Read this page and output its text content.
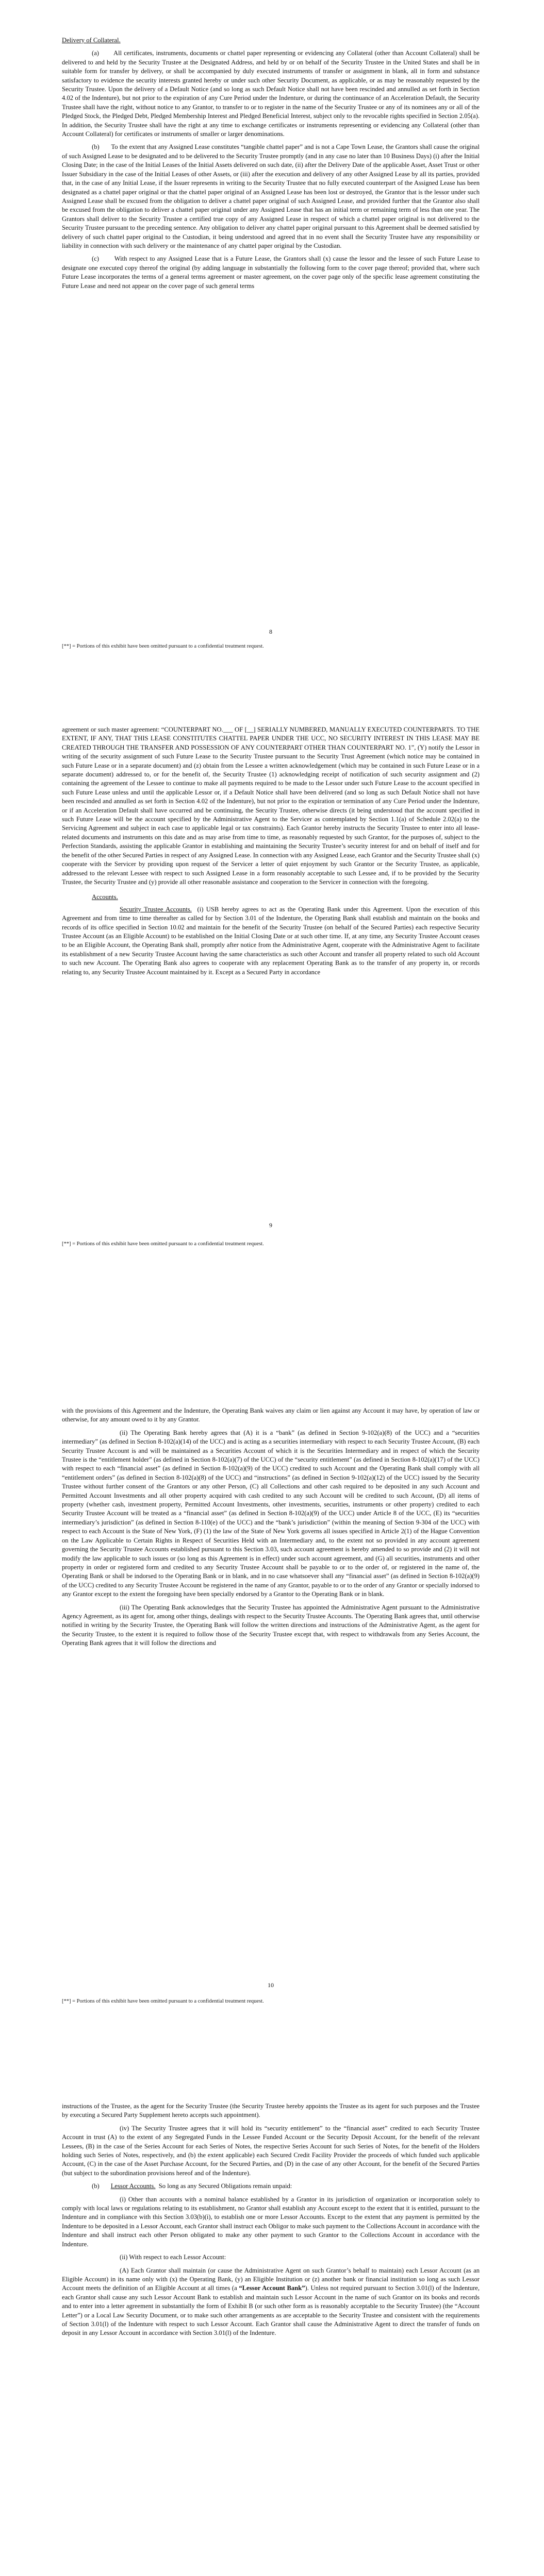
Delivery of Collateral.

(a) All certificates, instruments, documents or chattel paper representing or evidencing any Collateral (other than Account Collateral) shall be delivered to and held by the Security Trustee at the Designated Address, and held by or on behalf of the Security Trustee in the United States and shall be in suitable form for transfer by delivery, or shall be accompanied by duly executed instruments of transfer or assignment in blank, all in form and substance satisfactory to evidence the security interests granted hereby or under such other Security Document, as applicable, or as may be reasonably requested by the Security Trustee. Upon the delivery of a Default Notice (and so long as such Default Notice shall not have been rescinded and annulled as set forth in Section 4.02 of the Indenture), but not prior to the expiration of any Cure Period under the Indenture, or during the continuance of an Acceleration Default, the Security Trustee shall have the right, without notice to any Grantor, to transfer to or to register in the name of the Security Trustee or any of its nominees any or all of the Pledged Stock, the Pledged Debt, Pledged Membership Interest and Pledged Beneficial Interest, subject only to the revocable rights specified in Section 2.05(a). In addition, the Security Trustee shall have the right at any time to exchange certificates or instruments representing or evidencing any Collateral (other than Account Collateral) for certificates or instruments of smaller or larger denominations.

(b) To the extent that any Assigned Lease constitutes “tangible chattel paper” and is not a Cape Town Lease, the Grantors shall cause the original of such Assigned Lease to be designated and to be delivered to the Security Trustee promptly (and in any case no later than 10 Business Days) (i) after the Initial Closing Date; in the case of the Initial Leases of the Initial Assets delivered on such date, (ii) after the Delivery Date of the applicable Asset, Asset Trust or other Issuer Subsidiary in the case of the Initial Leases of other Assets, or (iii) after the execution and delivery of any other Assigned Lease by all its parties, provided that, in the case of any Initial Lease, if the Issuer represents in writing to the Security Trustee that no fully executed counterpart of the Assigned Lease has been designated as a chattel paper original or that the chattel paper original of an Assigned Lease has been lost or destroyed, the Grantor that is the lessor under such Assigned Lease shall be excused from the obligation to deliver a chattel paper original of such Assigned Lease, and provided further that the Grantor also shall be excused from the obligation to deliver a chattel paper original under any Assigned Lease that has an initial term or remaining term of less than one year. The Grantors shall deliver to the Security Trustee a certified true copy of any Assigned Lease in respect of which a chattel paper original is not delivered to the Security Trustee pursuant to the preceding sentence. Any obligation to deliver any chattel paper original pursuant to this Agreement shall be deemed satisfied by delivery of such chattel paper original to the Custodian, it being understood and agreed that in no event shall the Security Trustee have any responsibility or liability in connection with such delivery or the maintenance of any chattel paper original by the Custodian.

(c) With respect to any Assigned Lease that is a Future Lease, the Grantors shall (x) cause the lessor and the lessee of such Future Lease to designate one executed copy thereof the original (by adding language in substantially the following form to the cover page thereof; provided that, where such Future Lease incorporates the terms of a general terms agreement or master agreement, on the cover page only of the specific lease agreement constituting the Future Lease and need not appear on the cover page of such general terms

8
[**] = Portions of this exhibit have been omitted pursuant to a confidential treatment request.

agreement or such master agreement: “COUNTERPART NO.___ OF [__] SERIALLY NUMBERED, MANUALLY EXECUTED COUNTERPARTS. TO THE EXTENT, IF ANY, THAT THIS LEASE CONSTITUTES CHATTEL PAPER UNDER THE UCC, NO SECURITY INTEREST IN THIS LEASE MAY BE CREATED THROUGH THE TRANSFER AND POSSESSION OF ANY COUNTERPART OTHER THAN COUNTERPART NO. 1”, (Y) notify the Lessor in writing of the security assignment of such Future Lease to the Security Trustee pursuant to the Security Trust Agreement (which notice may be contained in such Future Lease or in a separate document) and (z) obtain from the Lessee a written acknowledgement (which may be contained in such Future Lease or in a separate document) addressed to, or for the benefit of, the Security Trustee (1) acknowledging receipt of notification of such security assignment and (2) containing the agreement of the Lessee to continue to make all payments required to be made to the Lessor under such Future Lease to the account specified in such Future Lease unless and until the applicable Lessor or, if a Default Notice shall have been delivered (and so long as such Default Notice shall not have been rescinded and annulled as set forth in Section 4.02 of the Indenture), but not prior to the expiration or termination of any Cure Period under the Indenture, or if an Acceleration Default shall have occurred and be continuing, the Security Trustee, otherwise directs (it being understood that the account specified in such Future Lease will be the account specified by the Administrative Agent to the Servicer as contemplated by Section 1.1(a) of Schedule 2.02(a) to the Servicing Agreement and subject in each case to applicable legal or tax constraints). Each Grantor hereby instructs the Security Trustee to enter into all lease-related documents and instruments on this date and as may arise from time to time, as reasonably requested by such Grantor, for the purposes of, subject to the Perfection Standards, assisting the applicable Grantor in establishing and maintaining the Security Trustee’s security interest for and on behalf of itself and for the benefit of the other Secured Parties in respect of any Assigned Lease. In connection with any Assigned Lease, each Grantor and the Security Trustee shall (x) cooperate with the Servicer by providing upon request of the Servicer a letter of quiet enjoyment by such Grantor or the Security Trustee, as applicable, addressed to the relevant Lessee with respect to such Assigned Lease in a form reasonably acceptable to such Lessee and, if to be provided by the Security Trustee, the Security Trustee and (y) provide all other reasonable assistance and cooperation to the Servicer in connection with the foregoing.

Accounts.

Security Trustee Accounts. (i) USB hereby agrees to act as the Operating Bank under this Agreement. Upon the execution of this Agreement and from time to time thereafter as called for by Section 3.01 of the Indenture, the Operating Bank shall establish and maintain on the books and records of its office specified in Section 10.02 and maintain for the benefit of the Security Trustee (on behalf of the Secured Parties) each respective Security Trustee Account (as an Eligible Account) to be established on the Initial Closing Date or at such other time. If, at any time, any Security Trustee Account ceases to be an Eligible Account, the Operating Bank shall, promptly after notice from the Administrative Agent, cooperate with the Administrative Agent to facilitate its establishment of a new Security Trustee Account having the same characteristics as such other Account and transfer all property related to such old Account to such new Account. The Operating Bank also agrees to cooperate with any replacement Operating Bank as to the transfer of any property in, or records relating to, any Security Trustee Account maintained by it. Except as a Secured Party in accordance

9
[**] = Portions of this exhibit have been omitted pursuant to a confidential treatment request.

with the provisions of this Agreement and the Indenture, the Operating Bank waives any claim or lien against any Account it may have, by operation of law or otherwise, for any amount owed to it by any Grantor.

(ii) The Operating Bank hereby agrees that (A) it is a “bank” (as defined in Section 9-102(a)(8) of the UCC) and a “securities intermediary” (as defined in Section 8-102(a)(14) of the UCC) and is acting as a securities intermediary with respect to each Security Trustee Account, (B) each Security Trustee Account is and will be maintained as a Securities Account of which it is the Securities Intermediary and in respect of which the Security Trustee is the “entitlement holder” (as defined in Section 8-102(a)(7) of the UCC) of the “security entitlement” (as defined in Section 8-102(a)(17) of the UCC) with respect to each “financial asset” (as defined in Section 8-102(a)(9) of the UCC) credited to such Account and the Operating Bank shall comply with all “entitlement orders” (as defined in Section 8-102(a)(8) of the UCC) and “instructions” (as defined in Section 9-102(a)(12) of the UCC) issued by the Security Trustee without further consent of the Grantors or any other Person, (C) all Collections and other cash required to be deposited in any such Account and Permitted Account Investments and all other property acquired with cash credited to any such Account will be credited to such Account, (D) all items of property (whether cash, investment property, Permitted Account Investments, other investments, securities, instruments or other property) credited to each Security Trustee Account will be treated as a “financial asset” (as defined in Section 8-102(a)(9) of the UCC) under Article 8 of the UCC, (E) its “securities intermediary’s jurisdiction” (as defined in Section 8-110(e) of the UCC) and the “bank’s jurisdiction” (within the meaning of Section 9-304 of the UCC) with respect to each Account is the State of New York, (F) (1) the law of the State of New York governs all issues specified in Article 2(1) of the Hague Convention on the Law Applicable to Certain Rights in Respect of Securities Held with an Intermediary and, to the extent not so provided in any account agreement governing the Security Trustee Accounts established pursuant to this Section 3.03, such account agreement is hereby amended to so provide and (2) it will not modify the law applicable to such issues or (so long as this Agreement is in effect) under such account agreement, and (G) all securities, instruments and other property in order or registered form and credited to any Security Trustee Account shall be payable to or to the order of, or registered in the name of, the Operating Bank or shall be indorsed to the Operating Bank or in blank, and in no case whatsoever shall any “financial asset” (as defined in Section 8-102(a)(9) of the UCC) credited to any Security Trustee Account be registered in the name of any Grantor, payable to or to the order of any Grantor or specially indorsed to any Grantor except to the extent the foregoing have been specially endorsed by a Grantor to the Operating Bank or in blank.

(iii) The Operating Bank acknowledges that the Security Trustee has appointed the Administrative Agent pursuant to the Administrative Agency Agreement, as its agent for, among other things, dealings with respect to the Security Trustee Accounts. The Operating Bank agrees that, until otherwise notified in writing by the Security Trustee, the Operating Bank will follow the written directions and instructions of the Administrative Agent, as the agent for the Security Trustee, to the extent it is required to follow those of the Security Trustee except that, with respect to withdrawals from any Series Account, the Operating Bank agrees that it will follow the directions and

10
[**] = Portions of this exhibit have been omitted pursuant to a confidential treatment request.

instructions of the Trustee, as the agent for the Security Trustee (the Security Trustee hereby appoints the Trustee as its agent for such purposes and the Trustee by executing a Secured Party Supplement hereto accepts such appointment).

(iv) The Security Trustee agrees that it will hold its “security entitlement” to the “financial asset” credited to each Security Trustee Account in trust (A) to the extent of any Segregated Funds in the Lessee Funded Account or the Security Deposit Account, for the benefit of the relevant Lessees, (B) in the case of the Series Account for each Series of Notes, the respective Series Account for such Series of Notes, for the benefit of the Holders holding such Series of Notes, respectively, and (b) the extent applicable) each Secured Credit Facility Provider the proceeds of which funded such applicable Account, (C) in the case of the Asset Purchase Account, for the Secured Parties, and (D) in the case of any other Account, for the benefit of the Secured Parties (but subject to the subordination provisions hereof and of the Indenture).

(b) Lessor Accounts. So long as any Secured Obligations remain unpaid:

(i) Other than accounts with a nominal balance established by a Grantor in its jurisdiction of organization or incorporation solely to comply with local laws or regulations relating to its establishment, no Grantor shall establish any Account except to the extent that it is entitled, pursuant to the Indenture and in compliance with this Section 3.03(b)(i), to establish one or more Lessor Accounts. Except to the extent that any payment is permitted by the Indenture to be deposited in a Lessor Account, each Grantor shall instruct each Obligor to make such payment to the Collections Account in accordance with the Indenture and shall instruct each other Person obligated to make any other payment to such Grantor to the Collections Account in accordance with the Indenture.

(ii) With respect to each Lessor Account:

(A) Each Grantor shall maintain (or cause the Administrative Agent on such Grantor’s behalf to maintain) each Lessor Account (as an Eligible Account) in its name only with (x) the Operating Bank, (y) an Eligible Institution or (z) another bank or financial institution so long as such Lessor Account meets the definition of an Eligible Account at all times (a “Lessor Account Bank”). Unless not required pursuant to Section 3.01(l) of the Indenture, each Grantor shall cause any such Lessor Account Bank to establish and maintain such Lessor Account in the name of such Grantor on its books and records and to enter into a letter agreement in substantially the form of Exhibit B (or such other form as is reasonably acceptable to the Security Trustee) (the “Account Letter”) or a Local Law Security Document, or to make such other arrangements as are acceptable to the Security Trustee and consistent with the requirements of Section 3.01(l) of the Indenture with respect to such Lessor Account. Each Grantor shall cause the Administrative Agent to direct the transfer of funds on deposit in any Lessor Account in accordance with Section 3.01(l) of the Indenture.
